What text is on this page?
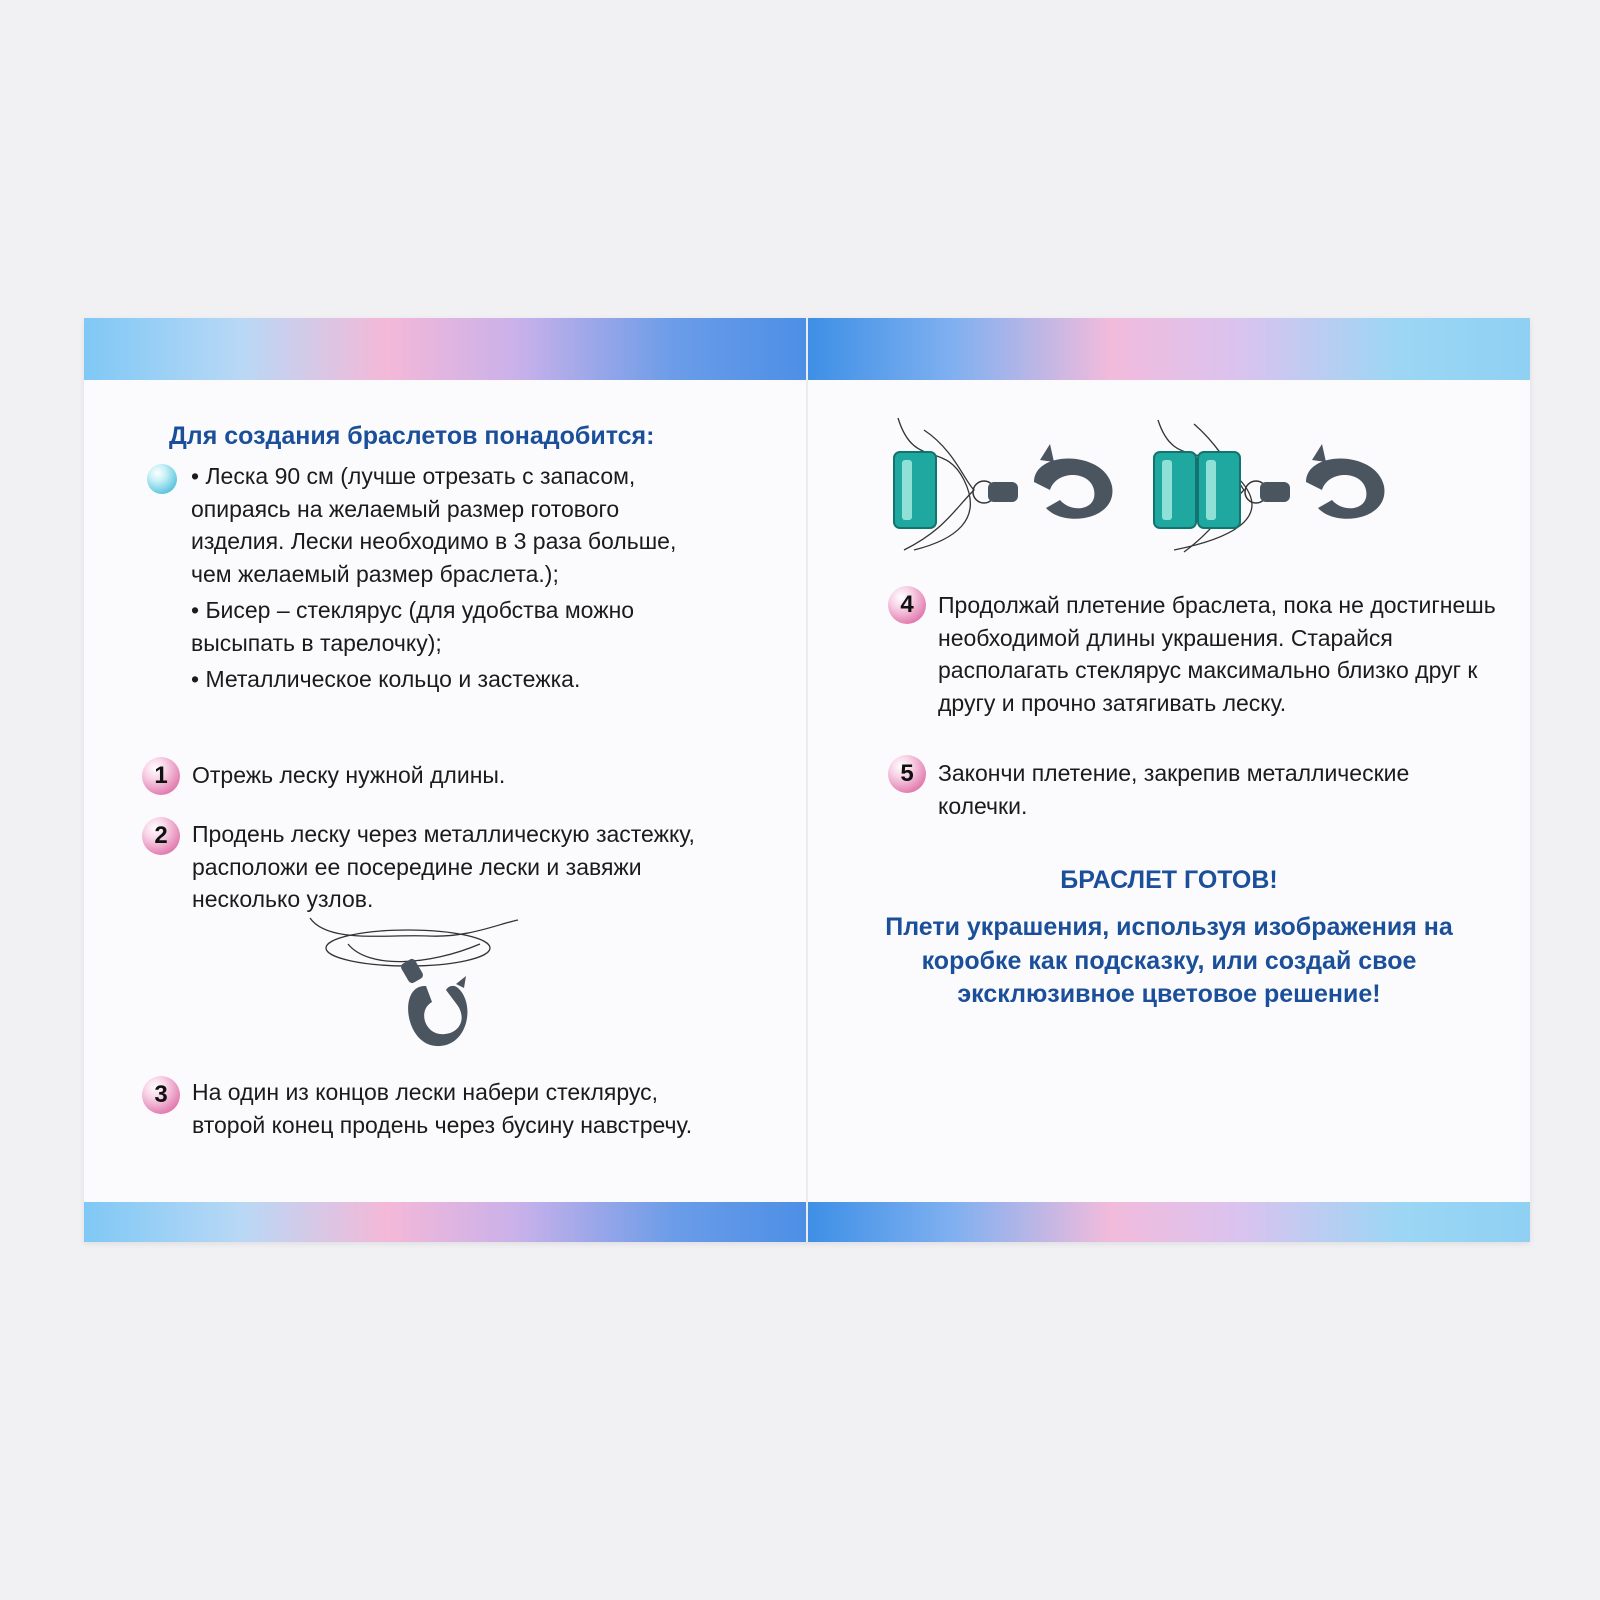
Для создания браслетов понадобится:

• Леска 90 см (лучше отрезать с запасом, опираясь на желаемый размер готового изделия. Лески необходимо в 3 раза больше, чем желаемый размер браслета.);

• Бисер – стеклярус (для удобства можно высыпать в тарелочку);

• Металлическое кольцо и застежка.

1	Отрежь леску нужной длины.
2	Продень леску через металлическую застежку, расположи ее посередине лески и завяжи несколько узлов.
3	На один из концов лески набери стеклярус, второй конец продень через бусину навстречу.
4	Продолжай плетение браслета, пока не достигнешь необходимой длины украшения. Старайся располагать стеклярус максимально близко друг к другу и прочно затягивать леску.
5	Закончи плетение, закрепив металлические колечки.
БРАСЛЕТ ГОТОВ!
Плети украшения, используя изображения на коробке как подсказку, или создай свое эксклюзивное цветовое решение!
